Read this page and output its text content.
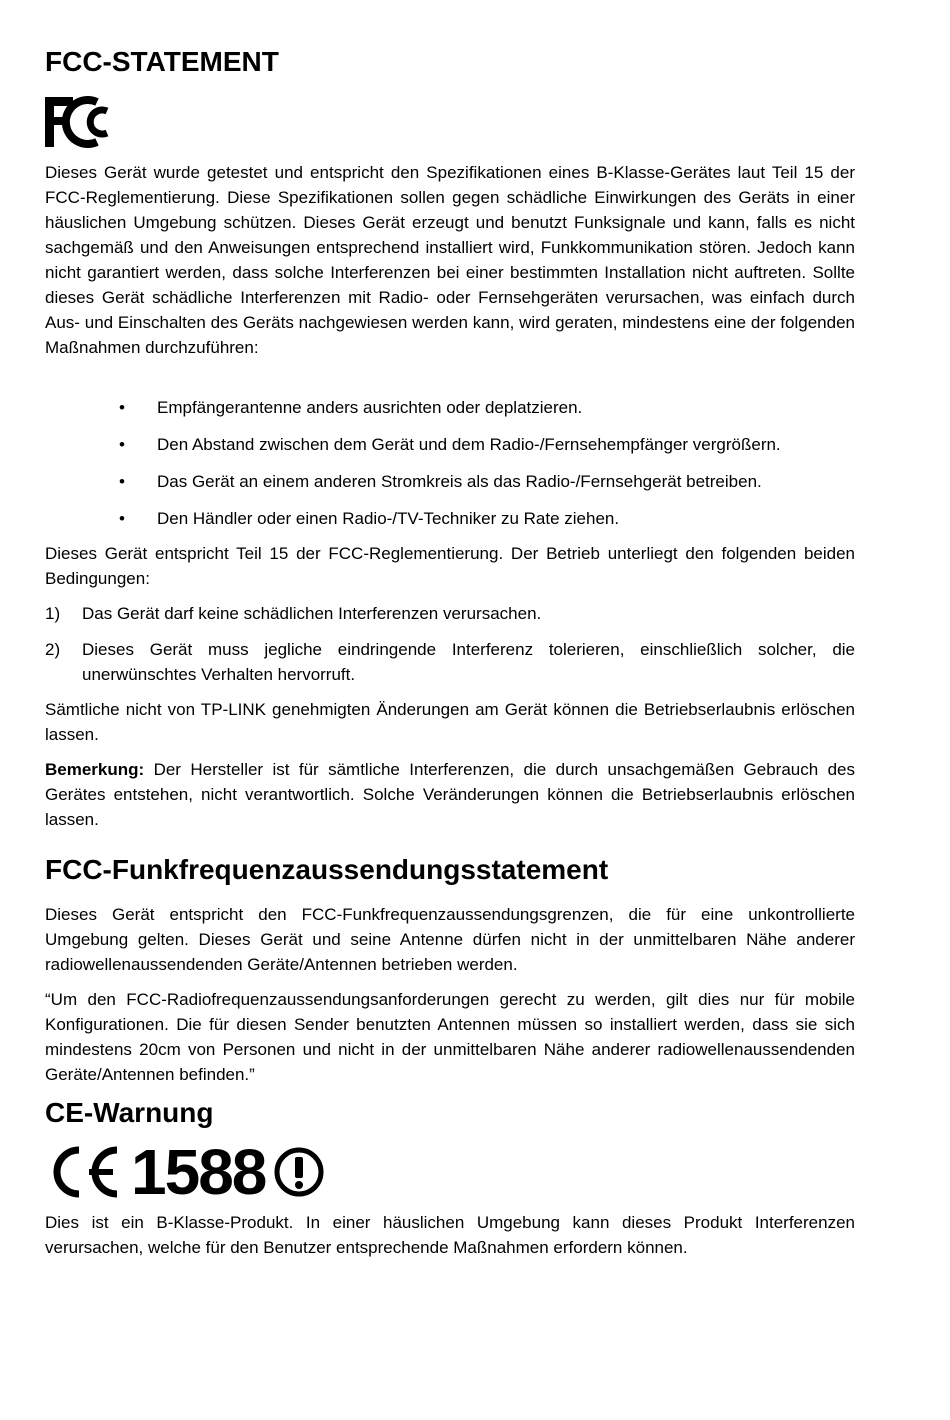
FCC-STATEMENT

Dieses Gerät wurde getestet und entspricht den Spezifikationen eines B-Klasse-Gerätes laut Teil 15 der FCC-Reglementierung. Diese Spezifikationen sollen gegen schädliche Einwirkungen des Geräts in einer häuslichen Umgebung schützen. Dieses Gerät erzeugt und benutzt Funksignale und kann, falls es nicht sachgemäß und den Anweisungen entsprechend installiert wird, Funkkommunikation stören. Jedoch kann nicht garantiert werden, dass solche Interferenzen bei einer bestimmten Installation nicht auftreten. Sollte dieses Gerät schädliche Interferenzen mit Radio- oder Fernsehgeräten verursachen, was einfach durch Aus- und Einschalten des Geräts nachgewiesen werden kann, wird geraten, mindestens eine der folgenden Maßnahmen durchzuführen:

• Empfängerantenne anders ausrichten oder deplatzieren.
• Den Abstand zwischen dem Gerät und dem Radio-/Fernsehempfänger vergrößern.
• Das Gerät an einem anderen Stromkreis als das Radio-/Fernsehgerät betreiben.
• Den Händler oder einen Radio-/TV-Techniker zu Rate ziehen.

Dieses Gerät entspricht Teil 15 der FCC-Reglementierung. Der Betrieb unterliegt den folgenden beiden Bedingungen:

1) Das Gerät darf keine schädlichen Interferenzen verursachen.
2) Dieses Gerät muss jegliche eindringende Interferenz tolerieren, einschließlich solcher, die unerwünschtes Verhalten hervorruft.

Sämtliche nicht von TP-LINK genehmigten Änderungen am Gerät können die Betriebserlaubnis erlöschen lassen.

Bemerkung: Der Hersteller ist für sämtliche Interferenzen, die durch unsachgemäßen Gebrauch des Gerätes entstehen, nicht verantwortlich. Solche Veränderungen können die Betriebserlaubnis erlöschen lassen.

FCC-Funkfrequenzaussendungsstatement

Dieses Gerät entspricht den FCC-Funkfrequenzaussendungsgrenzen, die für eine unkontrollierte Umgebung gelten. Dieses Gerät und seine Antenne dürfen nicht in der unmittelbaren Nähe anderer radiowellenaussendenden Geräte/Antennen betrieben werden.

“Um den FCC-Radiofrequenzaussendungsanforderungen gerecht zu werden, gilt dies nur für mobile Konfigurationen. Die für diesen Sender benutzten Antennen müssen so installiert werden, dass sie sich mindestens 20cm von Personen und nicht in der unmittelbaren Nähe anderer radiowellenaussendenden Geräte/Antennen befinden.”

CE-Warnung
1588

Dies ist ein B-Klasse-Produkt. In einer häuslichen Umgebung kann dieses Produkt Interferenzen verursachen, welche für den Benutzer entsprechende Maßnahmen erfordern können.
